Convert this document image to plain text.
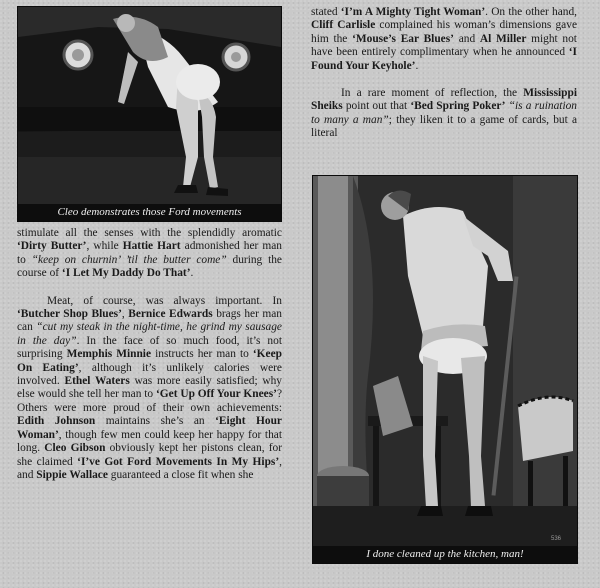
Cleo demonstrates those Ford movements

stated ‘I’m A Mighty Tight Woman’. On the other hand, Cliff Carlisle complained his woman’s dimensions gave him the ‘Mouse’s Ear Blues’ and Al Miller might not have been entirely complimentary when he announced ‘I Found Your Keyhole’.

In a rare moment of reflection, the Mississippi Sheiks point out that ‘Bed Spring Poker’ “is a ruination to many a man”; they liken it to a game of cards, but a literal

stimulate all the senses with the splendidly aromatic ‘Dirty Butter’, while Hattie Hart admonished her man to “keep on churnin’ ’til the butter come” during the course of ‘I Let My Daddy Do That’.

Meat, of course, was always important. In ‘Butcher Shop Blues’, Bernice Edwards brags her man can “cut my steak in the night-time, he grind my sausage in the day”. In the face of so much food, it’s not surprising Memphis Minnie instructs her man to ‘Keep On Eating’, although it’s unlikely calories were involved. Ethel Waters was more easily satisfied; why else would she tell her man to ‘Get Up Off Your Knees’? Others were more proud of their own achievements: Edith Johnson maintains she’s an ‘Eight Hour Woman’, though few men could keep her happy for that long. Cleo Gibson obviously kept her pistons clean, for she claimed ‘I’ve Got Ford Movements In My Hips’, and Sippie Wallace guaranteed a close fit when she

536
I done cleaned up the kitchen, man!
